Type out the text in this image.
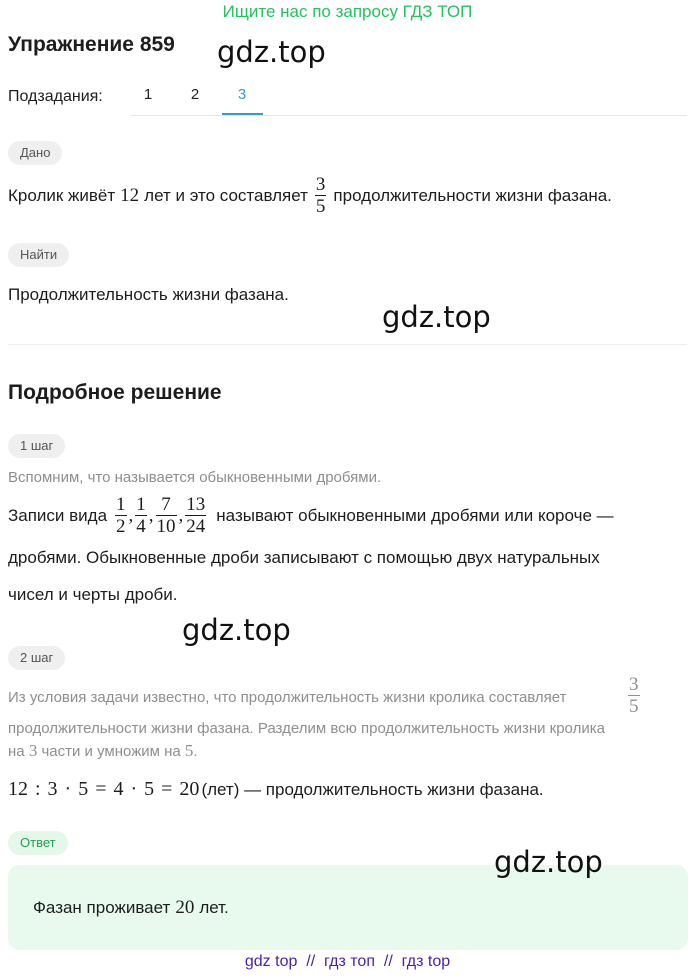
Ищите нас по запросу ГДЗ ТОП
Упражнение 859 gdz.top
Подзадания:	1	2	3
Дано
Кролик живёт 12 лет и это составляет $\frac{3}{5}$ продолжительности жизни фазана.
Найти
Продолжительность жизни фазана.
gdz.top
Подробное решение
1 шаг
Вспомним, что называется обыкновенными дробями.
Записи вида $\frac{1}{2}$ , $\frac{1}{4}$ , $\frac{7}{10}$ , $\frac{13}{24}$ называют обыкновенными дробями или короче —
дробями. Обыкновенные дроби записывают с помощью двух натуральных
чисел и черты дроби.
gdz.top
2 шаг
Из условия задачи известно, что продолжительность жизни кролика составляет	$\frac{3}{5}$
продолжительности жизни фазана. Разделим всю продолжительность жизни кролика
на 3 части и умножим на 5.
12 : 3 · 5 = 4 · 5 = 20 (лет) — продолжительность жизни фазана.
Ответ
gdz.top
Фазан проживает 20 лет.
gdz top  //  гдз топ  //  гдз top
